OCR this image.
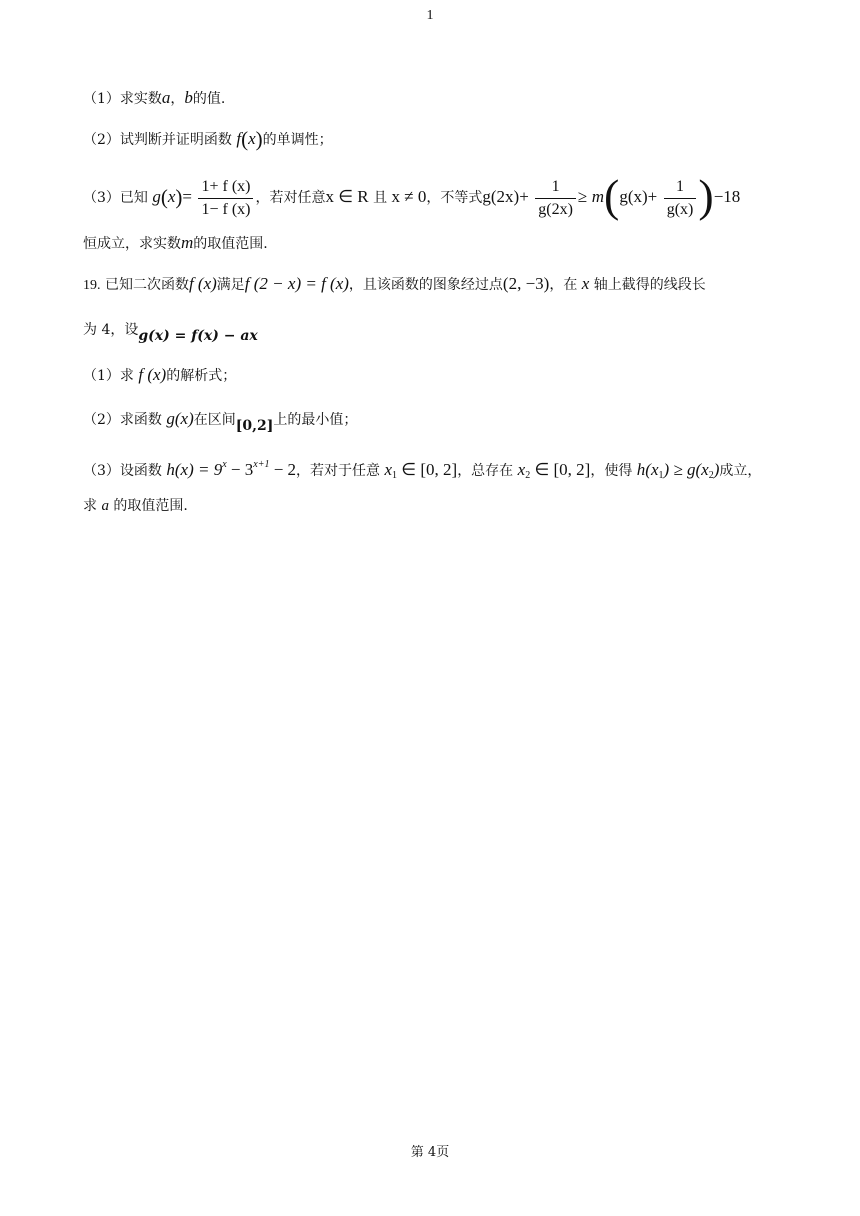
1
（1）求实数a，b的值.
（2）试判断并证明函数 f(x)的单调性；
（3）已知 $g(x)= \frac{1+ f (x)}{1- f (x)}$ ，若对任意x ∈ R 且 x ≠ 0，不等式$g(2x)+ \frac{1}{g(2x)} \ge m(g(x)+ \frac{1}{g(x)} )-18$
恒成立，求实数m的取值范围.
19. 已知二次函数f (x)满足f (2 − x) = f (x)，且该函数的图象经过点(2, −3)，在 x 轴上截得的线段长
为 4，设g(x) = f(x) − ax
（1）求 f (x)的解析式；
（2）求函数 g(x)在区间[0,2]上的最小值；
（3）设函数 $h(x) = 9^x - 3^{x+1} - 2$，若对于任意 $x_1$ ∈ [0, 2]，总存在 $x_2$ ∈ [0, 2]，使得 $h(x_1) \ge g(x_2)$成立，
求 a 的取值范围.
第 4页
